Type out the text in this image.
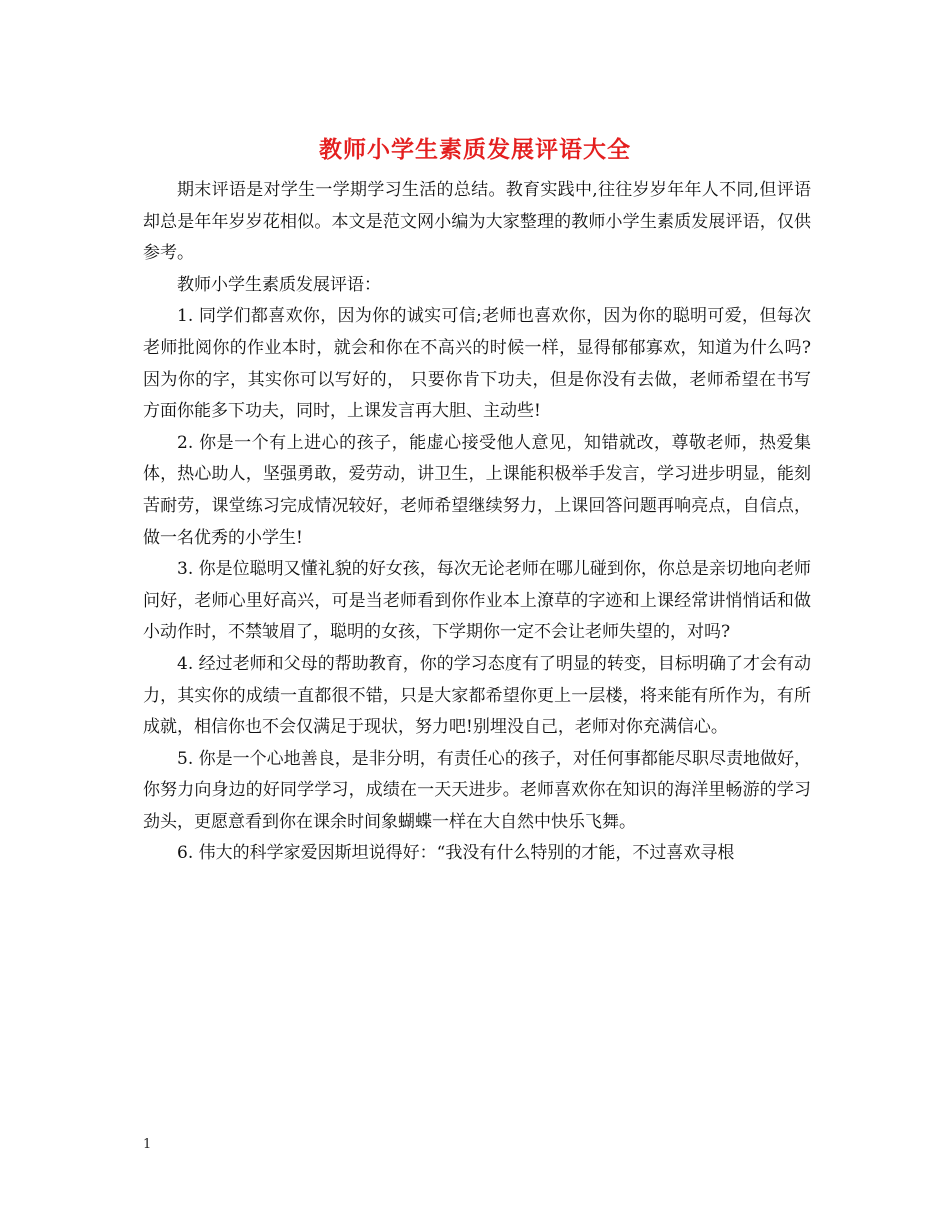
教师小学生素质发展评语大全

期末评语是对学生一学期学习生活的总结。教育实践中,往往岁岁年年人不同,但评语却总是年年岁岁花相似。本文是范文网小编为大家整理的教师小学生素质发展评语，仅供参考。

教师小学生素质发展评语：

1. 同学们都喜欢你，因为你的诚实可信;老师也喜欢你，因为你的聪明可爱，但每次老师批阅你的作业本时，就会和你在不高兴的时候一样，显得郁郁寡欢，知道为什么吗?因为你的字，其实你可以写好的， 只要你肯下功夫，但是你没有去做，老师希望在书写方面你能多下功夫，同时，上课发言再大胆、主动些!

2. 你是一个有上进心的孩子，能虚心接受他人意见，知错就改，尊敬老师，热爱集体，热心助人，坚强勇敢，爱劳动，讲卫生，上课能积极举手发言，学习进步明显，能刻苦耐劳，课堂练习完成情况较好，老师希望继续努力，上课回答问题再响亮点，自信点，做一名优秀的小学生!

3. 你是位聪明又懂礼貌的好女孩，每次无论老师在哪儿碰到你，你总是亲切地向老师问好，老师心里好高兴，可是当老师看到你作业本上潦草的字迹和上课经常讲悄悄话和做小动作时，不禁皱眉了，聪明的女孩，下学期你一定不会让老师失望的，对吗?

4. 经过老师和父母的帮助教育，你的学习态度有了明显的转变，目标明确了才会有动力，其实你的成绩一直都很不错，只是大家都希望你更上一层楼，将来能有所作为，有所成就，相信你也不会仅满足于现状，努力吧!别埋没自己，老师对你充满信心。

5. 你是一个心地善良，是非分明，有责任心的孩子，对任何事都能尽职尽责地做好，你努力向身边的好同学学习，成绩在一天天进步。老师喜欢你在知识的海洋里畅游的学习劲头，更愿意看到你在课余时间象蝴蝶一样在大自然中快乐飞舞。

6. 伟大的科学家爱因斯坦说得好：“我没有什么特别的才能，不过喜欢寻根

1
